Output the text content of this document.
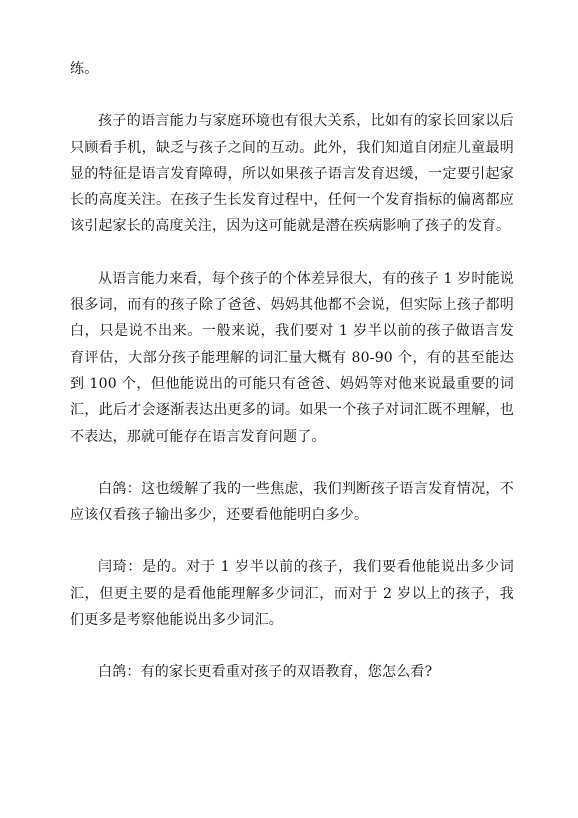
练。

孩子的语言能力与家庭环境也有很大关系，比如有的家长回家以后只顾看手机，缺乏与孩子之间的互动。此外，我们知道自闭症儿童最明显的特征是语言发育障碍，所以如果孩子语言发育迟缓，一定要引起家长的高度关注。在孩子生长发育过程中，任何一个发育指标的偏离都应该引起家长的高度关注，因为这可能就是潜在疾病影响了孩子的发育。

从语言能力来看，每个孩子的个体差异很大，有的孩子 1 岁时能说很多词，而有的孩子除了爸爸、妈妈其他都不会说，但实际上孩子都明白，只是说不出来。一般来说，我们要对 1 岁半以前的孩子做语言发育评估，大部分孩子能理解的词汇量大概有 80-90 个，有的甚至能达到 100 个，但他能说出的可能只有爸爸、妈妈等对他来说最重要的词汇，此后才会逐渐表达出更多的词。如果一个孩子对词汇既不理解，也不表达，那就可能存在语言发育问题了。

白鸽：这也缓解了我的一些焦虑，我们判断孩子语言发育情况，不应该仅看孩子输出多少，还要看他能明白多少。

闫琦：是的。对于 1 岁半以前的孩子，我们要看他能说出多少词汇，但更主要的是看他能理解多少词汇，而对于 2 岁以上的孩子，我们更多是考察他能说出多少词汇。

白鸽：有的家长更看重对孩子的双语教育，您怎么看?
